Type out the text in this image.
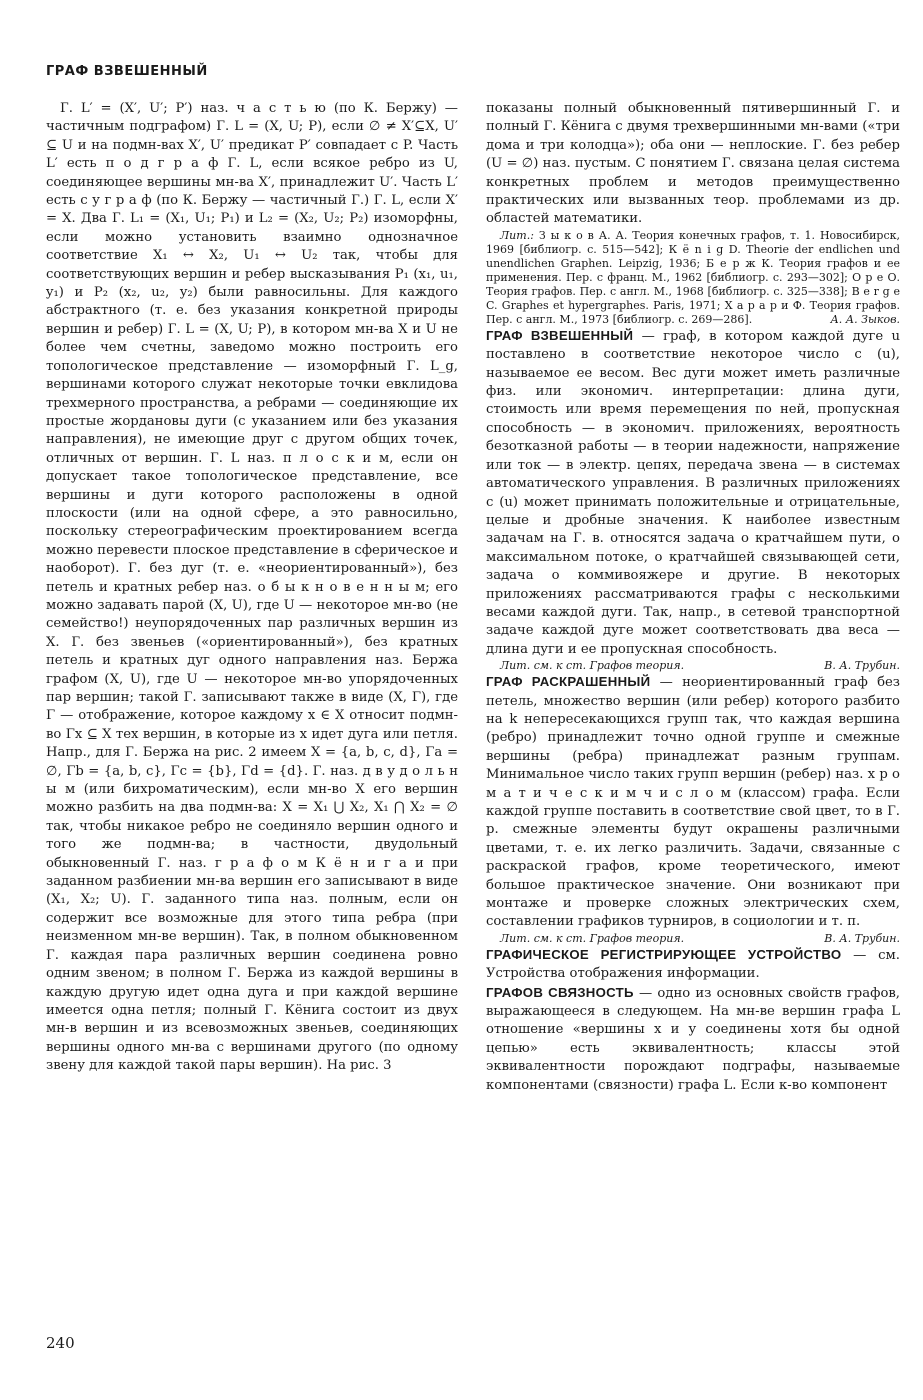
ГРАФ ВЗВЕШЕННЫЙ

Г. L′ = (X′, U′; P′) наз. ч а с т ь ю (по К. Бержу) — частичным подграфом) Г. L = (X, U; P), если ∅ ≠ X′⊆X, U′ ⊆ U и на подмн-вах X′, U′ предикат P′ совпадает с P. Часть L′ есть п о д г р а ф Г. L, если всякое ребро из U, соединяющее вершины мн-ва X′, принадлежит U′. Часть L′ есть с у г р а ф (по К. Бержу — частичный Г.) Г. L, если X′ = X. Два Г. L₁ = (X₁, U₁; P₁) и L₂ = (X₂, U₂; P₂) изоморфны, если можно установить взаимно однозначное соответствие X₁ ↔ X₂, U₁ ↔ U₂ так, чтобы для соответствующих вершин и ребер высказывания P₁ (x₁, u₁, y₁) и P₂ (x₂, u₂, y₂) были равносильны. Для каждого абстрактного (т. е. без указания конкретной природы вершин и ребер) Г. L = (X, U; P), в котором мн-ва X и U не более чем счетны, заведомо можно построить его топологическое представление — изоморфный Г. L_g, вершинами которого служат некоторые точки евклидова трехмерного пространства, а ребрами — соединяющие их простые жордановы дуги (с указанием или без указания направления), не имеющие друг с другом общих точек, отличных от вершин. Г. L наз. п л о с к и м, если он допускает такое топологическое представление, все вершины и дуги которого расположены в одной плоскости (или на одной сфере, а это равносильно, поскольку стереографическим проектированием всегда можно перевести плоское представление в сферическое и наоборот). Г. без дуг (т. е. «неориентированный»), без петель и кратных ребер наз. о б ы к н о в е н н ы м; его можно задавать парой (X, U), где U — некоторое мн-во (не семейство!) неупорядоченных пар различных вершин из X. Г. без звеньев («ориентированный»), без кратных петель и кратных дуг одного направления наз. Бержа графом (X, U), где U — некоторое мн-во упорядоченных пар вершин; такой Г. записывают также в виде (X, Γ), где Γ — отображение, которое каждому x ∈ X относит подмн-во Γx ⊆ X тех вершин, в которые из x идет дуга или петля. Напр., для Г. Бержа на рис. 2 имеем X = {a, b, c, d}, Γa = ∅, Γb = {a, b, c}, Γc = {b}, Γd = {d}. Г. наз. д в у д о л ь н ы м (или бихроматическим), если мн-во X его вершин можно разбить на два подмн-ва: X = X₁ ⋃ X₂, X₁ ⋂ X₂ = ∅ так, чтобы никакое ребро не соединяло вершин одного и того же подмн-ва; в частности, двудольный обыкновенный Г. наз. г р а ф о м К ё н и г а и при заданном разбиении мн-ва вершин его записывают в виде (X₁, X₂; U). Г. заданного типа наз. полным, если он содержит все возможные для этого типа ребра (при неизменном мн-ве вершин). Так, в полном обыкновенном Г. каждая пара различных вершин соединена ровно одним звеном; в полном Г. Бержа из каждой вершины в каждую другую идет одна дуга и при каждой вершине имеется одна петля; полный Г. Кёнига состоит из двух мн-в вершин и из всевозможных звеньев, соединяющих вершины одного мн-ва с вершинами другого (по одному звену для каждой такой пары вершин). На рис. 3

показаны полный обыкновенный пятивершинный Г. и полный Г. Кёнига с двумя трехвершинными мн-вами («три дома и три колодца»); оба они — неплоские. Г. без ребер (U = ∅) наз. пустым. С понятием Г. связана целая система конкретных проблем и методов преимущественно практических или вызванных теор. проблемами из др. областей математики.

Лит.: З ы к о в А. А. Теория конечных графов, т. 1. Новосибирск, 1969 [библиогр. с. 515—542]; К ё n i g D. Theorie der endlichen und unendlichen Graphen. Leipzig, 1936; Б е р ж К. Теория графов и ее применения. Пер. с франц. М., 1962 [библиогр. с. 293—302]; О р е О. Теория графов. Пер. с англ. М., 1968 [библиогр. с. 325—338]; B e r g e C. Graphes et hypergraphes. Paris, 1971; Х а р а р и Ф. Теория графов. Пер. с англ. М., 1973 [библиогр. с. 269—286].	А. А. Зыков.

ГРАФ ВЗВЕШЕННЫЙ — граф, в котором каждой дуге u поставлено в соответствие некоторое число c (u), называемое ее весом. Вес дуги может иметь различные физ. или экономич. интерпретации: длина дуги, стоимость или время перемещения по ней, пропускная способность — в экономич. приложениях, вероятность безотказной работы — в теории надежности, напряжение или ток — в электр. цепях, передача звена — в системах автоматического управления. В различных приложениях c (u) может принимать положительные и отрицательные, целые и дробные значения. К наиболее известным задачам на Г. в. относятся задача о кратчайшем пути, о максимальном потоке, о кратчайшей связывающей сети, задача о коммивояжере и другие. В некоторых приложениях рассматриваются графы с несколькими весами каждой дуги. Так, напр., в сетевой транспортной задаче каждой дуге может соответствовать два веса — длина дуги и ее пропускная способность.

Лит. см. к ст. Графов теория.	В. А. Трубин.

ГРАФ РАСКРАШЕННЫЙ — неориентированный граф без петель, множество вершин (или ребер) которого разбито на k непересекающихся групп так, что каждая вершина (ребро) принадлежит точно одной группе и смежные вершины (ребра) принадлежат разным группам. Минимальное число таких групп вершин (ребер) наз. х р о м а т и ч е с к и м ч и с л о м (классом) графа. Если каждой группе поставить в соответствие свой цвет, то в Г. р. смежные элементы будут окрашены различными цветами, т. е. их легко различить. Задачи, связанные с раскраской графов, кроме теоретического, имеют большое практическое значение. Они возникают при монтаже и проверке сложных электрических схем, составлении графиков турниров, в социологии и т. п.

Лит. см. к ст. Графов теория.	В. А. Трубин.

ГРАФИЧЕСКОЕ РЕГИСТРИРУЮЩЕЕ УСТРОЙСТВО — см. Устройства отображения информации.

ГРАФОВ СВЯЗНОСТЬ — одно из основных свойств графов, выражающееся в следующем. На мн-ве вершин графа L отношение «вершины x и y соединены хотя бы одной цепью» есть эквивалентность; классы этой эквивалентности порождают подграфы, называемые компонентами (связности) графа L. Если к-во компонент

240
